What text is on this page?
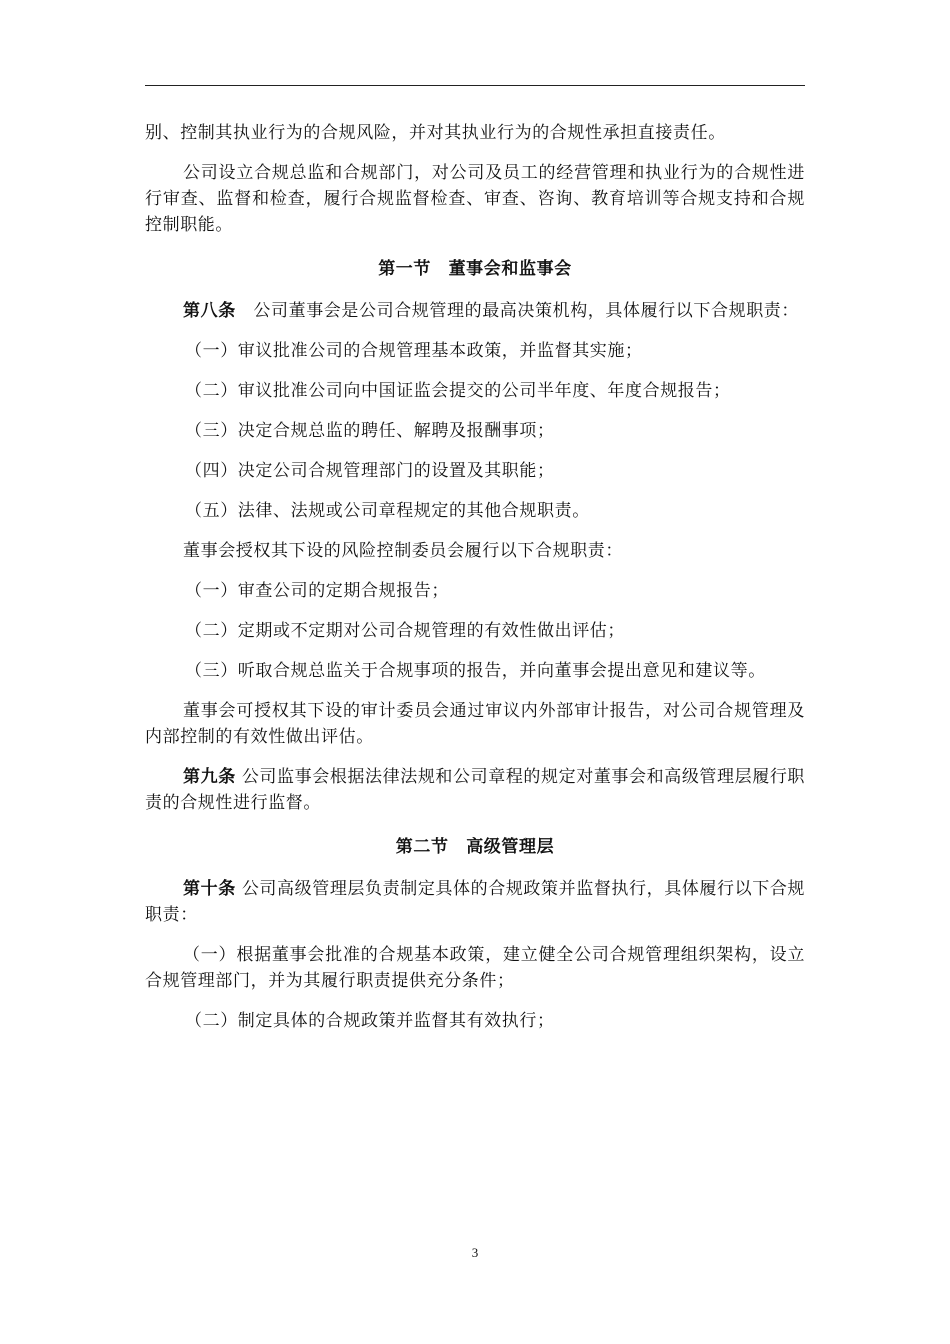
别、控制其执业行为的合规风险，并对其执业行为的合规性承担直接责任。

公司设立合规总监和合规部门，对公司及员工的经营管理和执业行为的合规性进行审查、监督和检查，履行合规监督检查、审查、咨询、教育培训等合规支持和合规控制职能。

第一节　董事会和监事会

第八条　公司董事会是公司合规管理的最高决策机构，具体履行以下合规职责：

（一）审议批准公司的合规管理基本政策，并监督其实施；

（二）审议批准公司向中国证监会提交的公司半年度、年度合规报告；

（三）决定合规总监的聘任、解聘及报酬事项；

（四）决定公司合规管理部门的设置及其职能；

（五）法律、法规或公司章程规定的其他合规职责。

董事会授权其下设的风险控制委员会履行以下合规职责：

（一）审查公司的定期合规报告；

（二）定期或不定期对公司合规管理的有效性做出评估；

（三）听取合规总监关于合规事项的报告，并向董事会提出意见和建议等。

董事会可授权其下设的审计委员会通过审议内外部审计报告，对公司合规管理及内部控制的有效性做出评估。

第九条 公司监事会根据法律法规和公司章程的规定对董事会和高级管理层履行职责的合规性进行监督。

第二节　高级管理层

第十条 公司高级管理层负责制定具体的合规政策并监督执行，具体履行以下合规职责：

（一）根据董事会批准的合规基本政策，建立健全公司合规管理组织架构，设立合规管理部门，并为其履行职责提供充分条件；

（二）制定具体的合规政策并监督其有效执行；

3
